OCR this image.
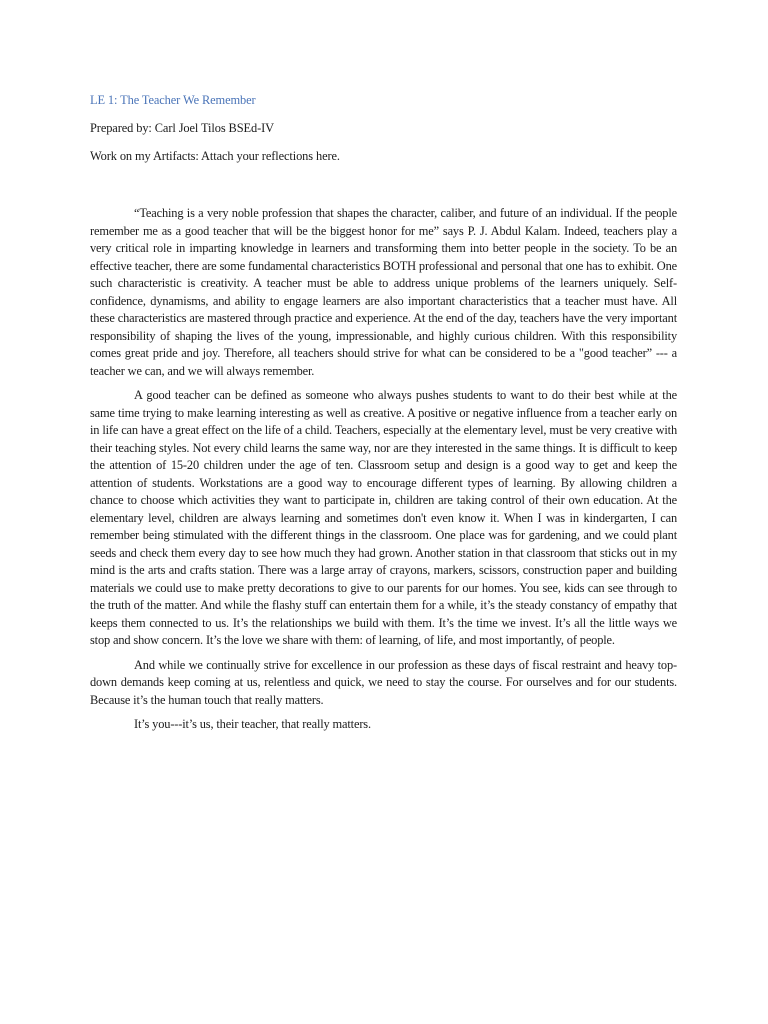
LE 1: The Teacher We Remember

Prepared by: Carl Joel Tilos BSEd-IV

Work on my Artifacts: Attach your reflections here.

“Teaching is a very noble profession that shapes the character, caliber, and future of an individual. If the people remember me as a good teacher that will be the biggest honor for me” says P. J. Abdul Kalam. Indeed, teachers play a very critical role in imparting knowledge in learners and transforming them into better people in the society. To be an effective teacher, there are some fundamental characteristics BOTH professional and personal that one has to exhibit. One such characteristic is creativity. A teacher must be able to address unique problems of the learners uniquely. Self-confidence, dynamisms, and ability to engage learners are also important characteristics that a teacher must have. All these characteristics are mastered through practice and experience. At the end of the day, teachers have the very important responsibility of shaping the lives of the young, impressionable, and highly curious children. With this responsibility comes great pride and joy. Therefore, all teachers should strive for what can be considered to be a "good teacher” --- a teacher we can, and we will always remember.

A good teacher can be defined as someone who always pushes students to want to do their best while at the same time trying to make learning interesting as well as creative. A positive or negative influence from a teacher early on in life can have a great effect on the life of a child. Teachers, especially at the elementary level, must be very creative with their teaching styles. Not every child learns the same way, nor are they interested in the same things. It is difficult to keep the attention of 15-20 children under the age of ten. Classroom setup and design is a good way to get and keep the attention of students. Workstations are a good way to encourage different types of learning. By allowing children a chance to choose which activities they want to participate in, children are taking control of their own education. At the elementary level, children are always learning and sometimes don't even know it. When I was in kindergarten, I can remember being stimulated with the different things in the classroom. One place was for gardening, and we could plant seeds and check them every day to see how much they had grown. Another station in that classroom that sticks out in my mind is the arts and crafts station. There was a large array of crayons, markers, scissors, construction paper and building materials we could use to make pretty decorations to give to our parents for our homes. You see, kids can see through to the truth of the matter. And while the flashy stuff can entertain them for a while, it’s the steady constancy of empathy that keeps them connected to us. It’s the relationships we build with them. It’s the time we invest. It’s all the little ways we stop and show concern. It’s the love we share with them: of learning, of life, and most importantly, of people.

And while we continually strive for excellence in our profession as these days of fiscal restraint and heavy top-down demands keep coming at us, relentless and quick, we need to stay the course. For ourselves and for our students. Because it’s the human touch that really matters.

It’s you---it’s us, their teacher, that really matters.
